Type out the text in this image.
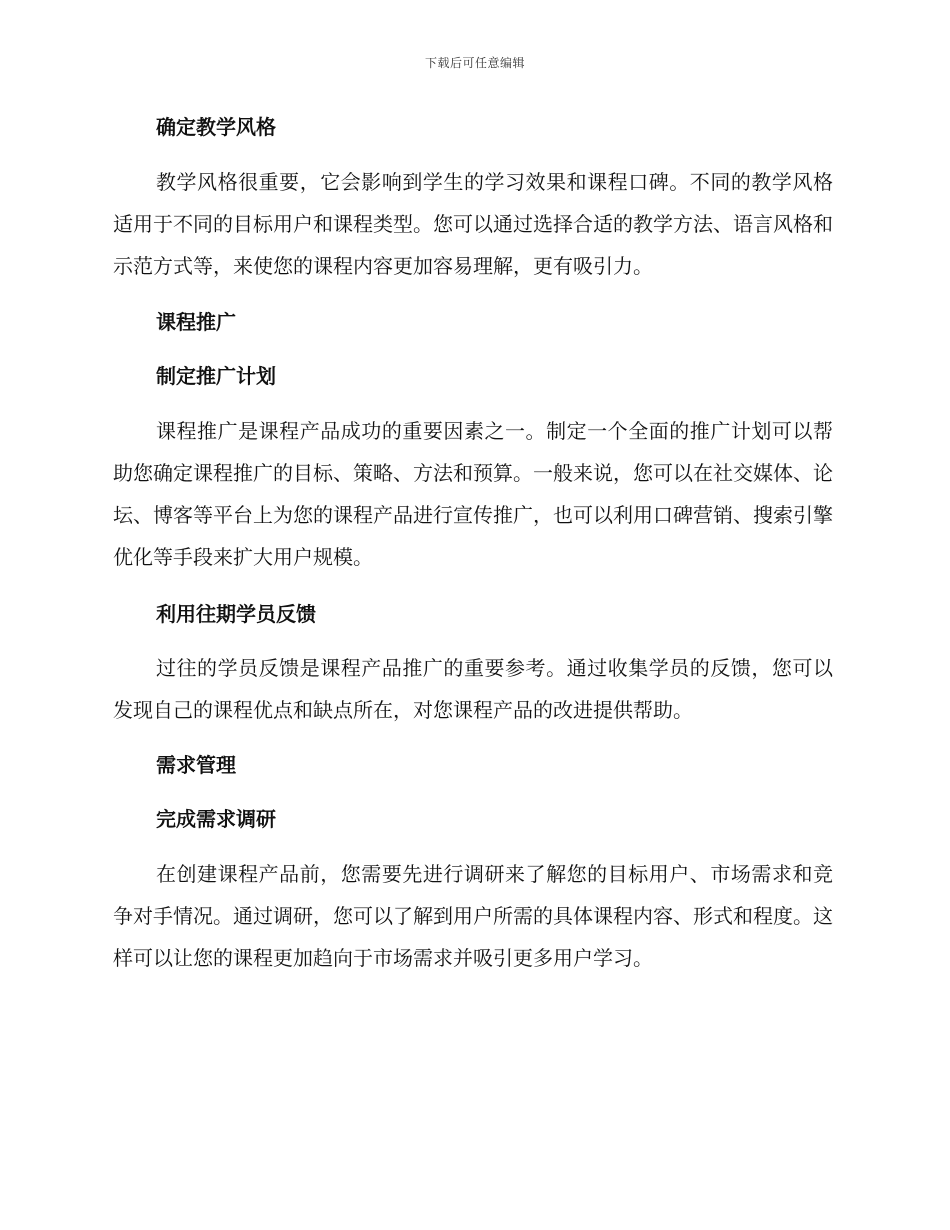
下载后可任意编辑
确定教学风格
教学风格很重要，它会影响到学生的学习效果和课程口碑。不同的教学风格适用于不同的目标用户和课程类型。您可以通过选择合适的教学方法、语言风格和示范方式等，来使您的课程内容更加容易理解，更有吸引力。
课程推广
制定推广计划
课程推广是课程产品成功的重要因素之一。制定一个全面的推广计划可以帮助您确定课程推广的目标、策略、方法和预算。一般来说，您可以在社交媒体、论坛、博客等平台上为您的课程产品进行宣传推广，也可以利用口碑营销、搜索引擎优化等手段来扩大用户规模。
利用往期学员反馈
过往的学员反馈是课程产品推广的重要参考。通过收集学员的反馈，您可以发现自己的课程优点和缺点所在，对您课程产品的改进提供帮助。
需求管理
完成需求调研
在创建课程产品前，您需要先进行调研来了解您的目标用户、市场需求和竞争对手情况。通过调研，您可以了解到用户所需的具体课程内容、形式和程度。这样可以让您的课程更加趋向于市场需求并吸引更多用户学习。
